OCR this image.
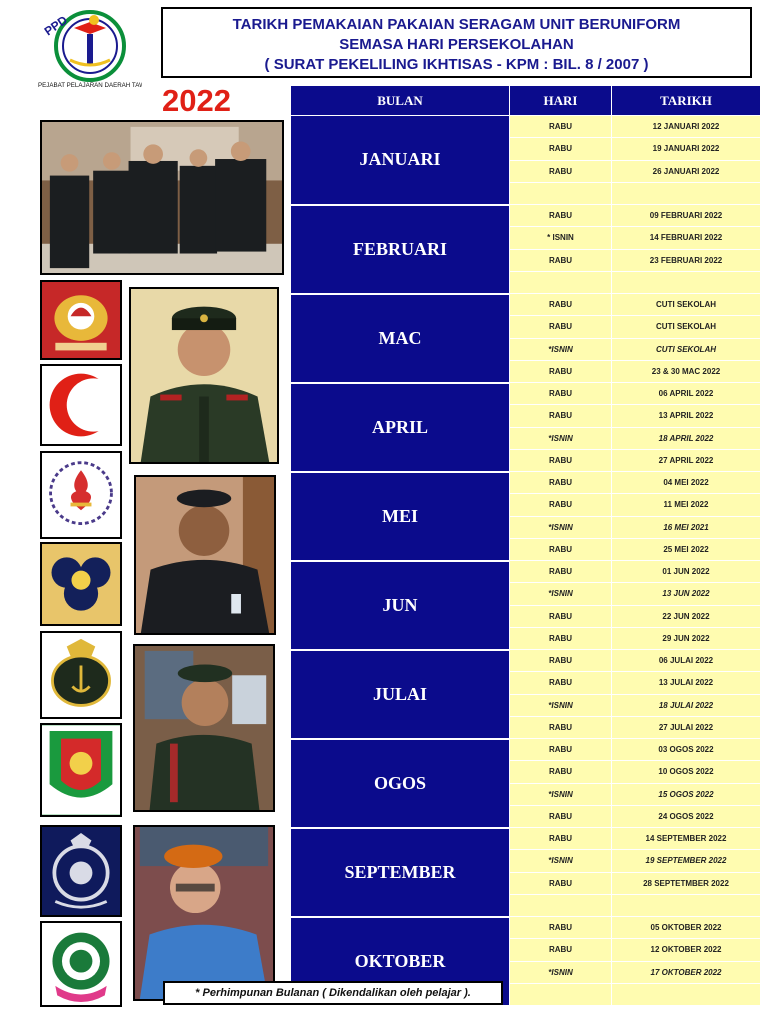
PPD
PEJABAT PELAJARAN DAERAH TAWAU
TARIKH PEMAKAIAN PAKAIAN SERAGAM UNIT BERUNIFORM
SEMASA HARI PERSEKOLAHAN
( SURAT PEKELILING IKHTISAS - KPM : BIL. 8 / 2007 )
2022	BULAN	HARI	TARIKH
JANUARI	RABU	12 JANUARI 2022
	RABU	19 JANUARI 2022
	RABU	26 JANUARI 2022

FEBRUARI	RABU	09 FEBRUARI 2022
	* ISNIN	14 FEBRUARI 2022
	RABU	23 FEBRUARI 2022

MAC	RABU	CUTI SEKOLAH
	RABU	CUTI SEKOLAH
	*ISNIN	CUTI SEKOLAH
	RABU	23 & 30 MAC 2022
APRIL	RABU	06 APRIL 2022
	RABU	13 APRIL 2022
	*ISNIN	18 APRIL 2022
	RABU	27 APRIL 2022
MEI	RABU	04 MEI 2022
	RABU	11 MEI 2022
	*ISNIN	16 MEI 2021
	RABU	25 MEI 2022
JUN	RABU	01 JUN 2022
	*ISNIN	13 JUN 2022
	RABU	22 JUN 2022
	RABU	29 JUN 2022
JULAI	RABU	06 JULAI 2022
	RABU	13 JULAI 2022
	*ISNIN	18 JULAI 2022
	RABU	27 JULAI 2022
OGOS	RABU	03 OGOS 2022
	RABU	10 OGOS 2022
	*ISNIN	15 OGOS 2022
	RABU	24 OGOS 2022
SEPTEMBER	RABU	14 SEPTEMBER 2022
	*ISNIN	19 SEPTEMBER 2022
	RABU	28 SEPTETMBER 2022

OKTOBER	RABU	05 OKTOBER 2022
	RABU	12 OKTOBER 2022
	*ISNIN	17 OKTOBER 2022

* Perhimpunan Bulanan ( Dikendalikan oleh pelajar ).
